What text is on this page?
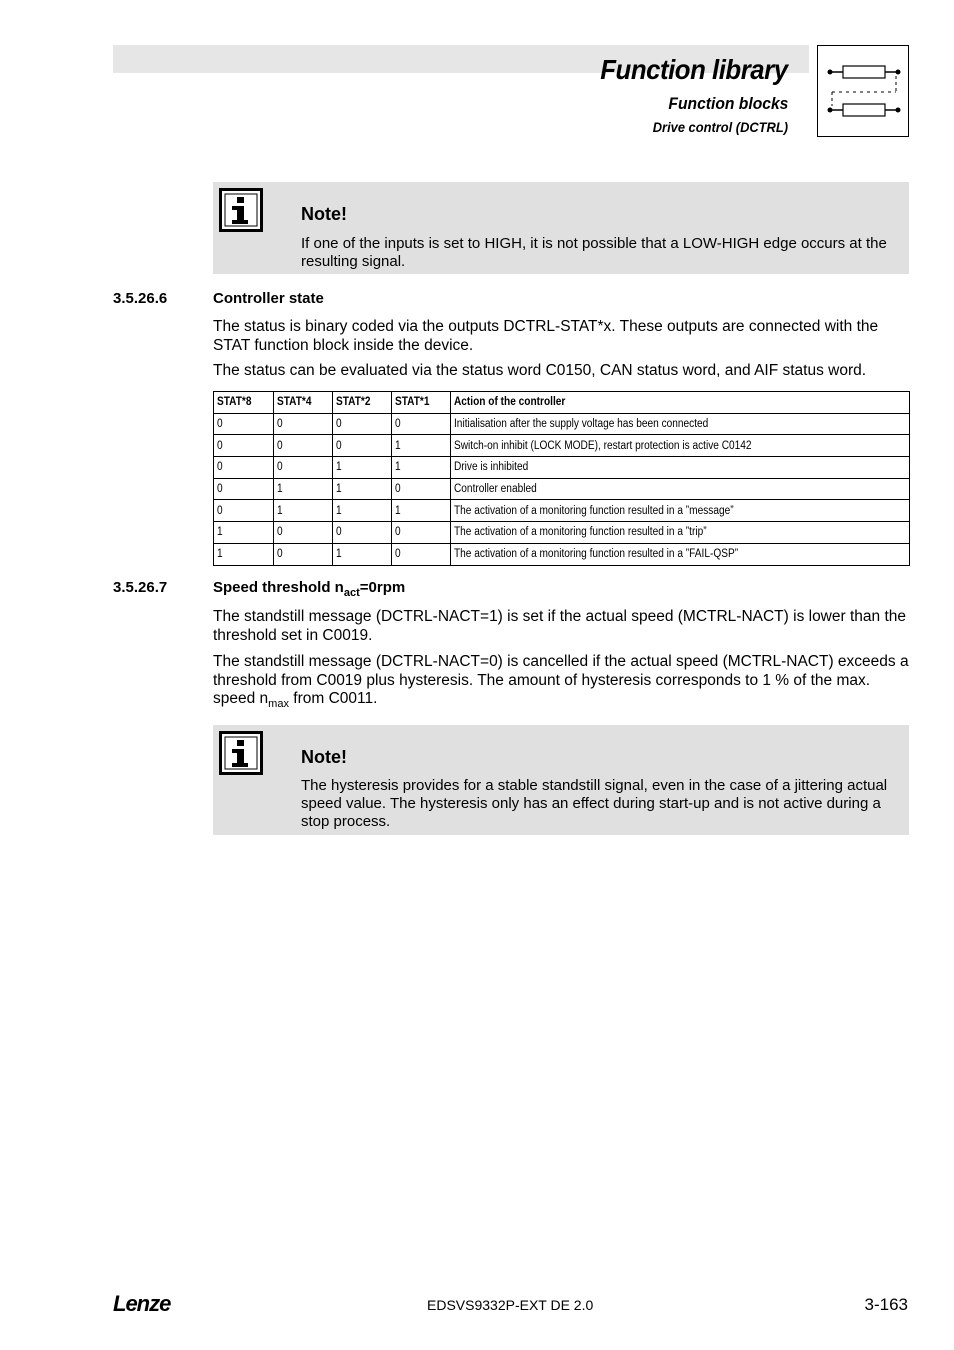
Function library
Function blocks
Drive control (DCTRL)
Note!
If one of the inputs is set to HIGH, it is not possible that a LOW-HIGH edge occurs at the resulting signal.
3.5.26.6	Controller state
The status is binary coded via the outputs DCTRL-STAT*x. These outputs are connected with the STAT function block inside the device.
The status can be evaluated via the status word C0150, CAN status word, and AIF status word.
STAT*8	STAT*4	STAT*2	STAT*1	Action of the controller
0	0	0	0	Initialisation after the supply voltage has been connected
0	0	0	1	Switch-on inhibit (LOCK MODE), restart protection is active C0142
0	0	1	1	Drive is inhibited
0	1	1	0	Controller enabled
0	1	1	1	The activation of a monitoring function resulted in a ”message”
1	0	0	0	The activation of a monitoring function resulted in a ”trip”
1	0	1	0	The activation of a monitoring function resulted in a ”FAIL-QSP”
3.5.26.7	Speed threshold $n_{act}=0rpm$
The standstill message (DCTRL-NACT=1) is set if the actual speed (MCTRL-NACT) is lower than the threshold set in C0019.
The standstill message (DCTRL-NACT=0) is cancelled if the actual speed (MCTRL-NACT) exceeds a threshold from C0019 plus hysteresis. The amount of hysteresis corresponds to 1 % of the max. speed $n_{max}$ from C0011.
Note!
The hysteresis provides for a stable standstill signal, even in the case of a jittering actual speed value. The hysteresis only has an effect during start-up and is not active during a stop process.
Lenze	EDSVS9332P-EXT DE 2.0	3-163
